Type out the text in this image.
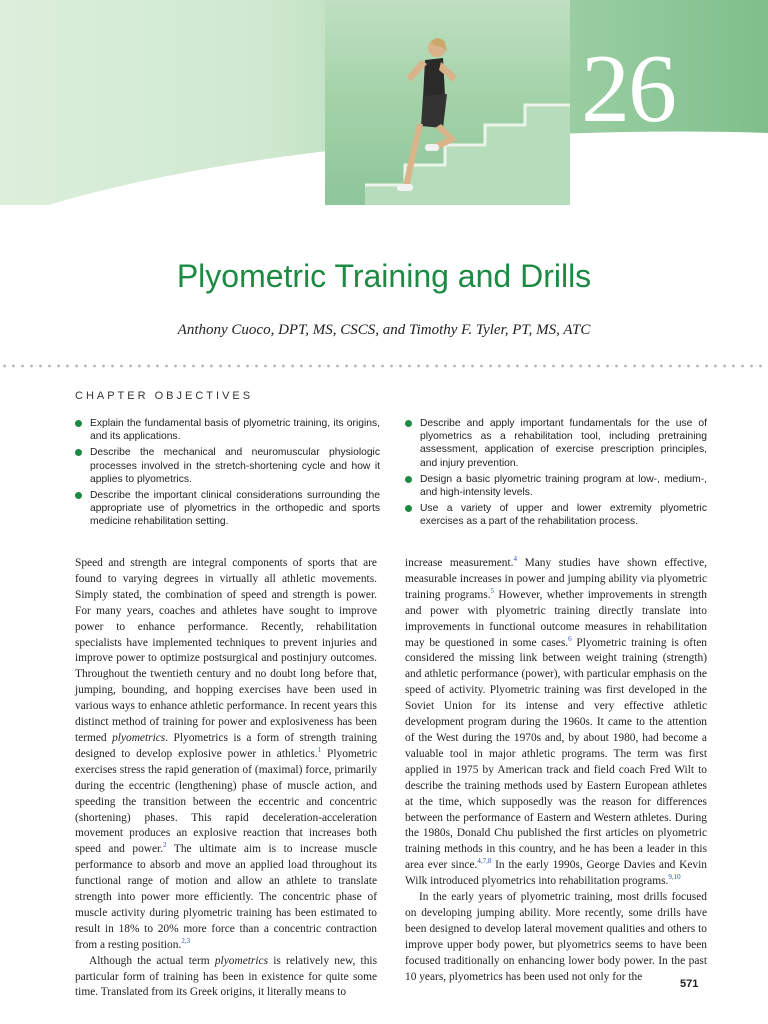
26
Plyometric Training and Drills
Anthony Cuoco, DPT, MS, CSCS, and Timothy F. Tyler, PT, MS, ATC
CHAPTER OBJECTIVES
Explain the fundamental basis of plyometric training, its origins, and its applications.
Describe the mechanical and neuromuscular physiologic processes involved in the stretch-shortening cycle and how it applies to plyometrics.
Describe the important clinical considerations surrounding the appropriate use of plyometrics in the orthopedic and sports medicine rehabilitation setting.
Describe and apply important fundamentals for the use of plyometrics as a rehabilitation tool, including pretraining assessment, application of exercise prescription principles, and injury prevention.
Design a basic plyometric training program at low-, medium-, and high-intensity levels.
Use a variety of upper and lower extremity plyometric exercises as a part of the rehabilitation process.

Speed and strength are integral components of sports that are found to varying degrees in virtually all athletic movements. Simply stated, the combination of speed and strength is power. For many years, coaches and athletes have sought to improve power to enhance performance. Recently, rehabilitation specialists have implemented techniques to prevent injuries and improve power to optimize postsurgical and postinjury outcomes. Throughout the twentieth century and no doubt long before that, jumping, bounding, and hopping exercises have been used in various ways to enhance athletic performance. In recent years this distinct method of training for power and explosiveness has been termed plyometrics. Plyometrics is a form of strength training designed to develop explosive power in athletics.$^1$ Plyometric exercises stress the rapid generation of (maximal) force, primarily during the eccentric (lengthening) phase of muscle action, and speeding the transition between the eccentric and concentric (shortening) phases. This rapid deceleration-acceleration movement produces an explosive reaction that increases both speed and power.$^2$ The ultimate aim is to increase muscle performance to absorb and move an applied load throughout its functional range of motion and allow an athlete to translate strength into power more efficiently. The concentric phase of muscle activity during plyometric training has been estimated to result in 18% to 20% more force than a concentric contraction from a resting position.$^{2,3}$

Although the actual term plyometrics is relatively new, this particular form of training has been in existence for quite some time. Translated from its Greek origins, it literally means to

increase measurement.$^4$ Many studies have shown effective, measurable increases in power and jumping ability via plyometric training programs.$^5$ However, whether improvements in strength and power with plyometric training directly translate into improvements in functional outcome measures in rehabilitation may be questioned in some cases.$^6$ Plyometric training is often considered the missing link between weight training (strength) and athletic performance (power), with particular emphasis on the speed of activity. Plyometric training was first developed in the Soviet Union for its intense and very effective athletic development program during the 1960s. It came to the attention of the West during the 1970s and, by about 1980, had become a valuable tool in major athletic programs. The term was first applied in 1975 by American track and field coach Fred Wilt to describe the training methods used by Eastern European athletes at the time, which supposedly was the reason for differences between the performance of Eastern and Western athletes. During the 1980s, Donald Chu published the first articles on plyometric training methods in this country, and he has been a leader in this area ever since.$^{4,7,8}$ In the early 1990s, George Davies and Kevin Wilk introduced plyometrics into rehabilitation programs.$^{9,10}$

In the early years of plyometric training, most drills focused on developing jumping ability. More recently, some drills have been designed to develop lateral movement qualities and others to improve upper body power, but plyometrics seems to have been focused traditionally on enhancing lower body power. In the past 10 years, plyometrics has been used not only for the

571
